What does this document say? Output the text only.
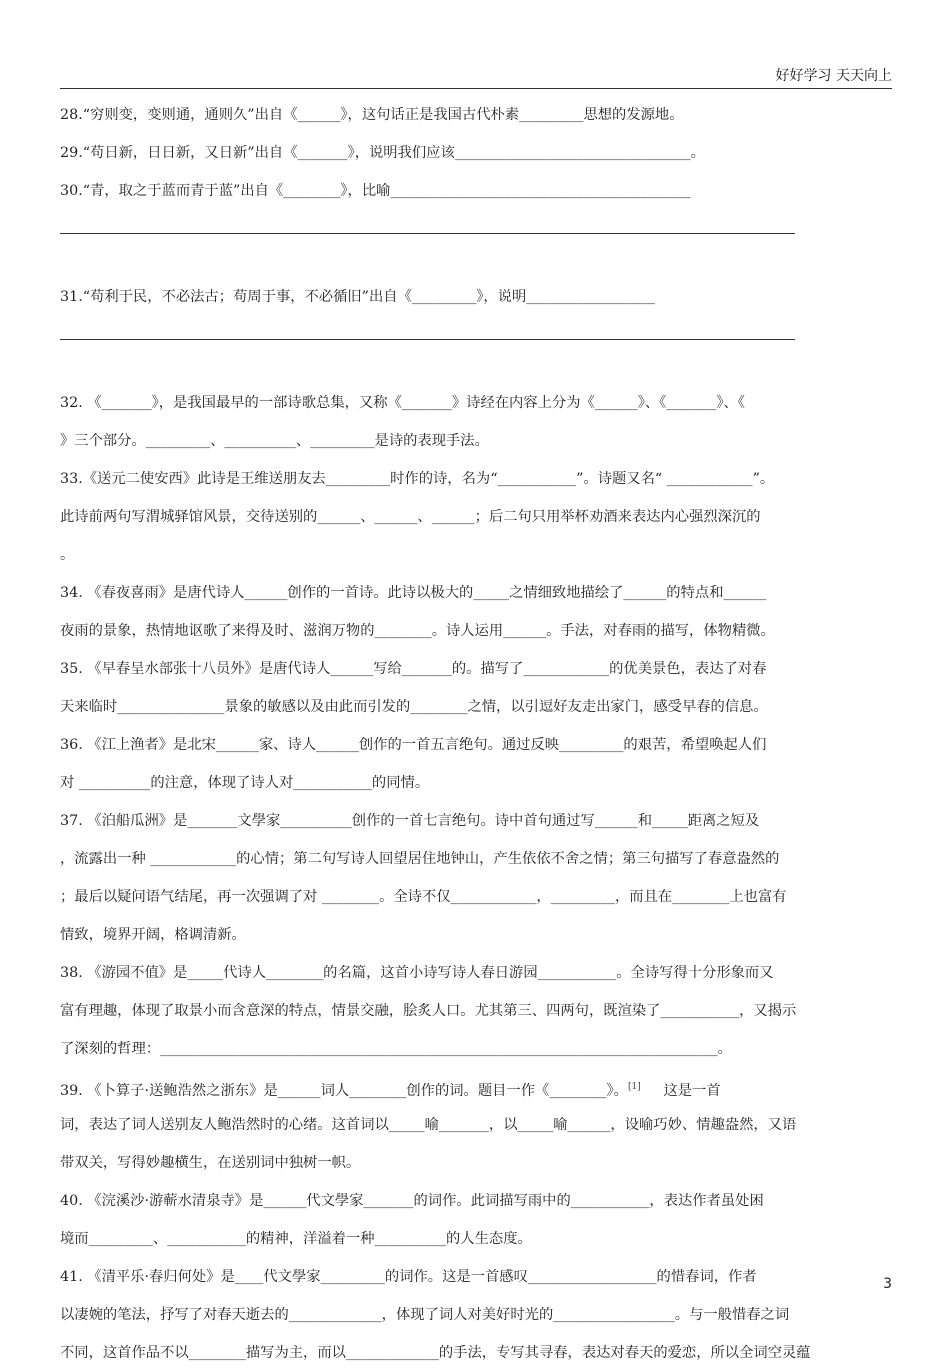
好好学习 天天向上
28.“穷则变，变则通，通则久”出自《______》，这句话正是我国古代朴素_________思想的发源地。
29.“苟日新，日日新，又日新”出自《_______》，说明我们应该_________________________________。
30.“青，取之于蓝而青于蓝”出自《________》，比喻__________________________________________
31.“苟利于民，不必法古；苟周于事，不必循旧”出自《_________》，说明__________________
32. 《_______》，是我国最早的一部诗歌总集，又称《_______》诗经在内容上分为《______》、《_______》、《
》三个部分。_________、__________、_________是诗的表现手法。
33.《送元二使安西》此诗是王维送朋友去_________时作的诗，名为“___________”。诗题又名“ ____________”。
此诗前两句写渭城驿馆风景，交待送别的______、______、______；后二句只用举杯劝酒来表达内心强烈深沉的
。
34. 《春夜喜雨》是唐代诗人______创作的一首诗。此诗以极大的_____之情细致地描绘了______的特点和______
夜雨的景象，热情地讴歌了来得及时、滋润万物的________。诗人运用______。手法，对春雨的描写，体物精微。
35. 《早春呈水部张十八员外》是唐代诗人______写给_______的。描写了____________的优美景色，表达了对春
天来临时_______________景象的敏感以及由此而引发的________之情，以引逗好友走出家门，感受早春的信息。
36. 《江上渔者》是北宋______家、诗人______创作的一首五言绝句。通过反映_________的艰苦，希望唤起人们
对 __________的注意，体现了诗人对___________的同情。
37. 《泊船瓜洲》是_______文學家__________创作的一首七言绝句。诗中首句通过写______和_____距离之短及
，流露出一种 ____________的心情；第二句写诗人回望居住地钟山，产生依依不舍之情；第三句描写了春意盎然的
；最后以疑问语气结尾，再一次强调了对 ________。全诗不仅____________，_________，而且在________上也富有
情致，境界开阔，格调清新。
38. 《游园不值》是_____代诗人________的名篇，这首小诗写诗人春日游园___________。全诗写得十分形象而又
富有理趣，体现了取景小而含意深的特点，情景交融，脍炙人口。尤其第三、四两句，既渲染了___________，又揭示
了深刻的哲理：______________________________________________________________________________。
39. 《卜算子·送鲍浩然之浙东》是______词人________创作的词。题目一作《________》。[1]     这是一首
词，表达了词人送别友人鲍浩然时的心绪。这首词以_____喻_______，以_____喻______，设喻巧妙、情趣盎然，又语
带双关，写得妙趣横生，在送别词中独树一帜。
40. 《浣溪沙·游蕲水清泉寺》是______代文學家_______的词作。此词描写雨中的___________，表达作者虽处困
境而_________、___________的精神，洋溢着一种__________的人生态度。
41. 《清平乐·春归何处》是____代文學家_________的词作。这是一首感叹__________________的惜春词，作者
以凄婉的笔法，抒写了对春天逝去的_____________，体现了词人对美好时光的_________________。与一般惜春之词
不同，这首作品不以________描写为主，而以_____________的手法，专写其寻春，表达对春天的爱恋，所以全词空灵蕴
3
